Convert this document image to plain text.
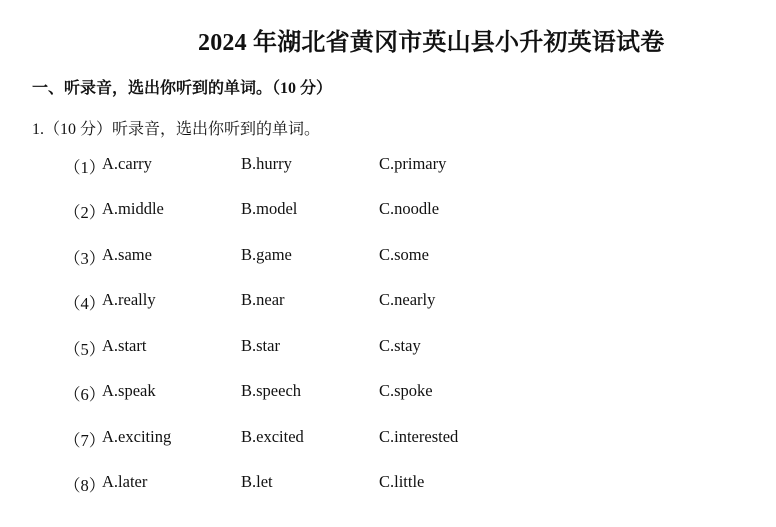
2024 年湖北省黄冈市英山县小升初英语试卷
一、听录音，选出你听到的单词。（10 分）
1.（10 分）听录音，选出你听到的单词。
（1）
A.carry	B.hurry	C.primary
（2）
A.middle	B.model	C.noodle
（3）
A.same	B.game	C.some
（4）
A.really	B.near	C.nearly
（5）
A.start	B.star	C.stay
（6）
A.speak	B.speech	C.spoke
（7）
A.exciting	B.excited	C.interested
（8）
A.later	B.let	C.little
